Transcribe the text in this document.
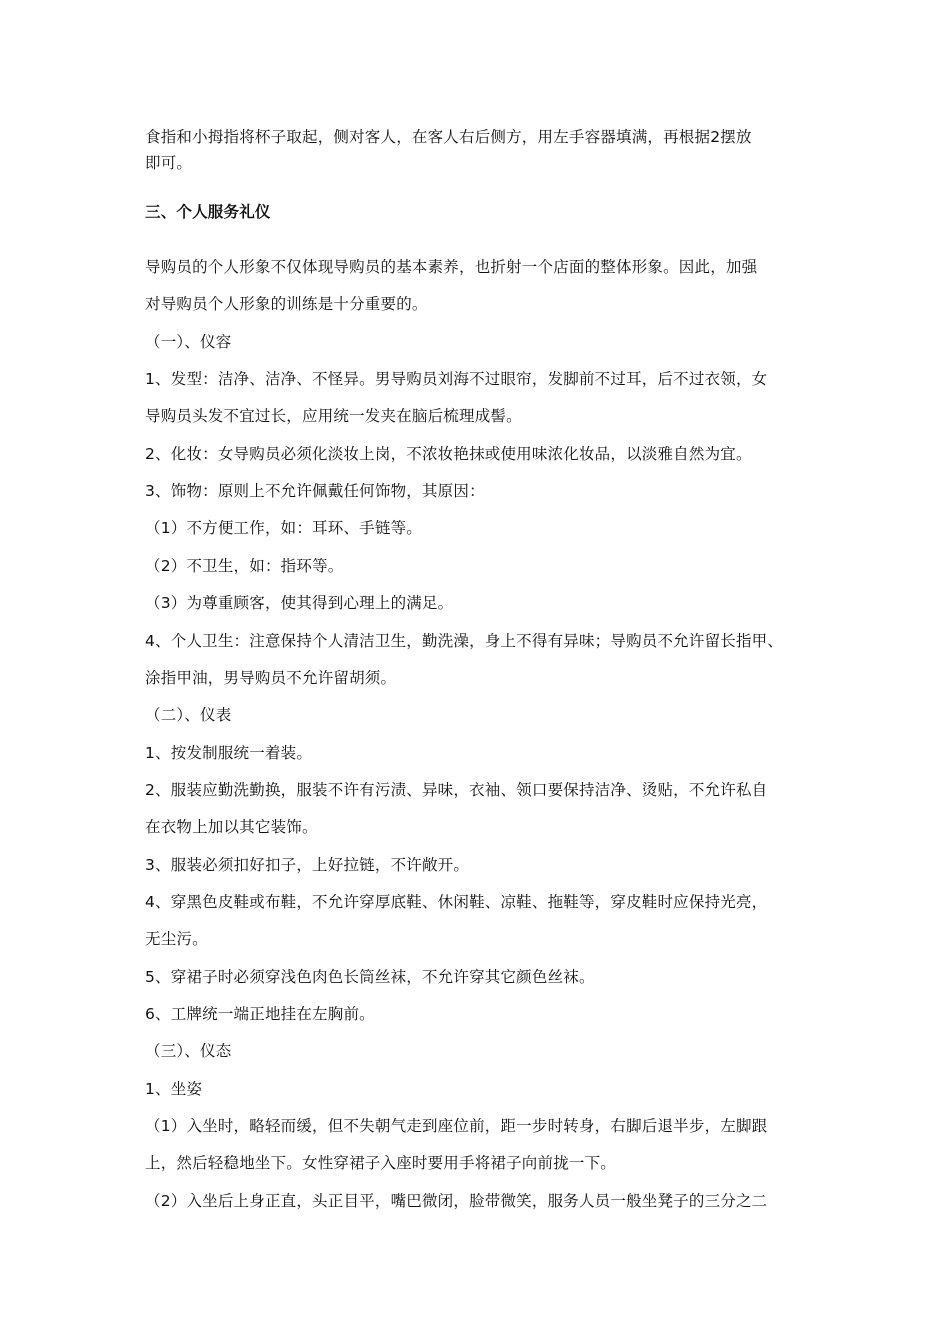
食指和小拇指将杯子取起，侧对客人，在客人右后侧方，用左手容器填满，再根据2摆放
即可。
三、个人服务礼仪
导购员的个人形象不仅体现导购员的基本素养，也折射一个店面的整体形象。因此，加强
对导购员个人形象的训练是十分重要的。
（一）、仪容
1、发型：洁净、洁净、不怪异。男导购员刘海不过眼帘，发脚前不过耳，后不过衣领，女
导购员头发不宜过长，应用统一发夹在脑后梳理成髻。
2、化妆：女导购员必须化淡妆上岗，不浓妆艳抹或使用味浓化妆品，以淡雅自然为宜。
3、饰物：原则上不允许佩戴任何饰物，其原因：
（1）不方便工作，如：耳环、手链等。
（2）不卫生，如：指环等。
（3）为尊重顾客，使其得到心理上的满足。
4、个人卫生：注意保持个人清洁卫生，勤洗澡，身上不得有异味；导购员不允许留长指甲、
涂指甲油，男导购员不允许留胡须。
（二）、仪表
1、按发制服统一着装。
2、服装应勤洗勤换，服装不许有污渍、异味，衣袖、领口要保持洁净、烫贴，不允许私自
在衣物上加以其它装饰。
3、服装必须扣好扣子，上好拉链，不许敞开。
4、穿黑色皮鞋或布鞋，不允许穿厚底鞋、休闲鞋、凉鞋、拖鞋等，穿皮鞋时应保持光亮，
无尘污。
5、穿裙子时必须穿浅色肉色长筒丝袜，不允许穿其它颜色丝袜。
6、工牌统一端正地挂在左胸前。
（三）、仪态
1、坐姿
（1）入坐时，略轻而缓，但不失朝气走到座位前，距一步时转身，右脚后退半步，左脚跟
上，然后轻稳地坐下。女性穿裙子入座时要用手将裙子向前拢一下。
（2）入坐后上身正直，头正目平，嘴巴微闭，脸带微笑，服务人员一般坐凳子的三分之二
